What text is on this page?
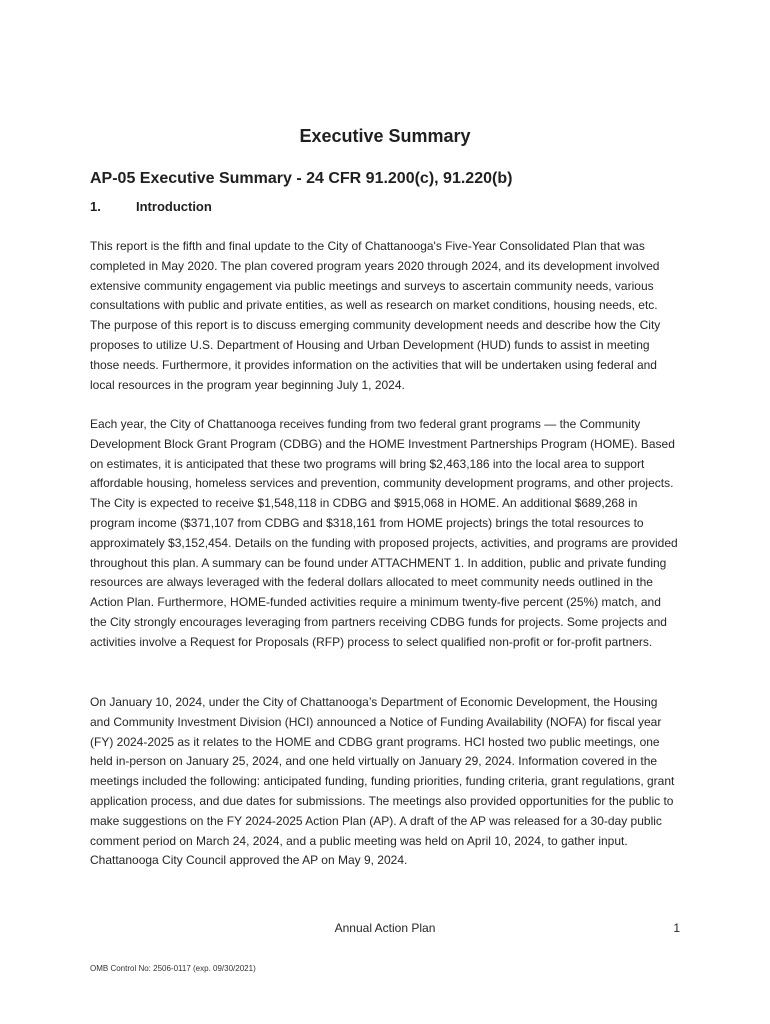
Executive Summary
AP-05 Executive Summary - 24 CFR 91.200(c), 91.220(b)
1.	Introduction

This report is the fifth and final update to the City of Chattanooga's Five-Year Consolidated Plan that was completed in May 2020. The plan covered program years 2020 through 2024, and its development involved extensive community engagement via public meetings and surveys to ascertain community needs, various consultations with public and private entities, as well as research on market conditions, housing needs, etc. The purpose of this report is to discuss emerging community development needs and describe how the City proposes to utilize U.S. Department of Housing and Urban Development (HUD) funds to assist in meeting those needs. Furthermore, it provides information on the activities that will be undertaken using federal and local resources in the program year beginning July 1, 2024.

Each year, the City of Chattanooga receives funding from two federal grant programs — the Community Development Block Grant Program (CDBG) and the HOME Investment Partnerships Program (HOME). Based on estimates, it is anticipated that these two programs will bring $2,463,186 into the local area to support affordable housing, homeless services and prevention, community development programs, and other projects. The City is expected to receive $1,548,118 in CDBG and $915,068 in HOME. An additional $689,268 in program income ($371,107 from CDBG and $318,161 from HOME projects) brings the total resources to approximately $3,152,454. Details on the funding with proposed projects, activities, and programs are provided throughout this plan. A summary can be found under ATTACHMENT 1. In addition, public and private funding resources are always leveraged with the federal dollars allocated to meet community needs outlined in the Action Plan. Furthermore, HOME-funded activities require a minimum twenty-five percent (25%) match, and the City strongly encourages leveraging from partners receiving CDBG funds for projects. Some projects and activities involve a Request for Proposals (RFP) process to select qualified non-profit or for-profit partners.

On January 10, 2024, under the City of Chattanooga’s Department of Economic Development, the Housing and Community Investment Division (HCI) announced a Notice of Funding Availability (NOFA) for fiscal year (FY) 2024-2025 as it relates to the HOME and CDBG grant programs. HCI hosted two public meetings, one held in-person on January 25, 2024, and one held virtually on January 29, 2024. Information covered in the meetings included the following: anticipated funding, funding priorities, funding criteria, grant regulations, grant application process, and due dates for submissions. The meetings also provided opportunities for the public to make suggestions on the FY 2024-2025 Action Plan (AP). A draft of the AP was released for a 30-day public comment period on March 24, 2024, and a public meeting was held on April 10, 2024, to gather input. Chattanooga City Council approved the AP on May 9, 2024.

Annual Action Plan	1
OMB Control No: 2506-0117 (exp. 09/30/2021)
